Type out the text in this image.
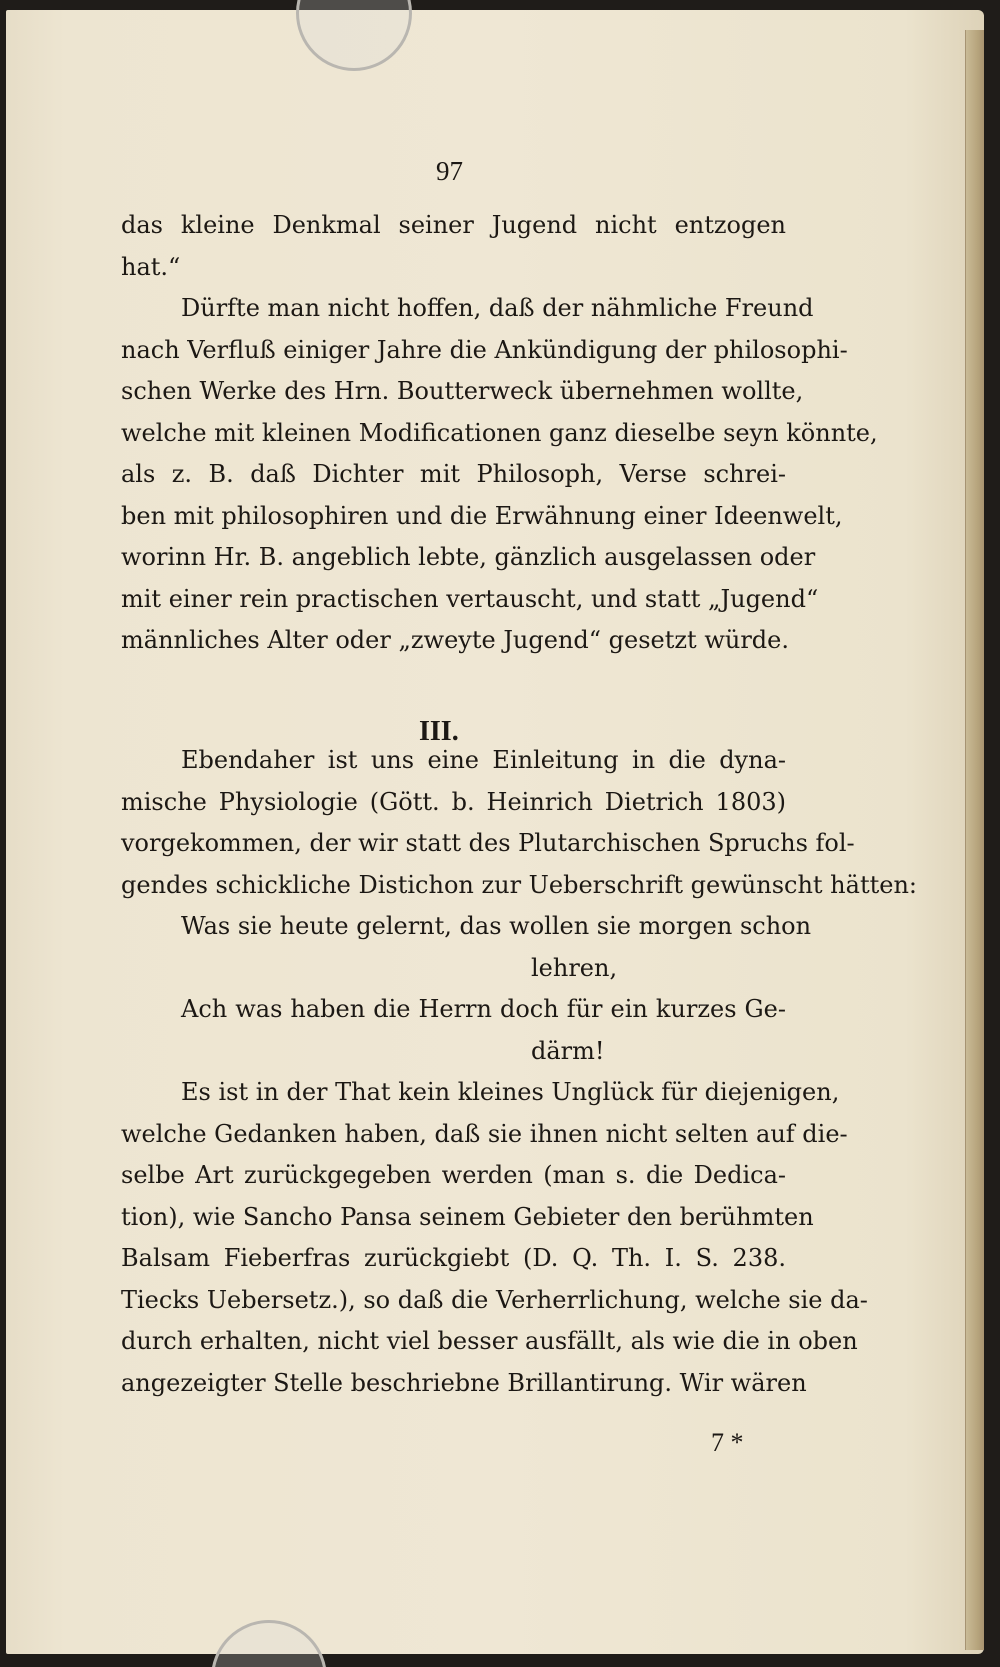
97
das kleine Denkmal seiner Jugend nicht entzogen
hat.“
Dürfte man nicht hoffen, daß der nähmliche Freund
nach Verfluß einiger Jahre die Ankündigung der philosophi‐
schen Werke des Hrn. Boutterweck übernehmen wollte,
welche mit kleinen Modificationen ganz dieselbe seyn könnte,
als z. B. daß Dichter mit Philosoph, Verse schrei‐
ben mit philosophiren und die Erwähnung einer Ideenwelt,
worinn Hr. B. angeblich lebte, gänzlich ausgelassen oder
mit einer rein practischen vertauscht, und statt „Jugend“
männliches Alter oder „zweyte Jugend“ gesetzt würde.
III.
Ebendaher ist uns eine Einleitung in die dyna‐
mische Physiologie (Gött. b. Heinrich Dietrich 1803)
vorgekommen, der wir statt des Plutarchischen Spruchs fol‐
gendes schickliche Distichon zur Ueberschrift gewünscht hätten:
Was sie heute gelernt, das wollen sie morgen schon
lehren,
Ach was haben die Herrn doch für ein kurzes Ge‐
därm!
Es ist in der That kein kleines Unglück für diejenigen,
welche Gedanken haben, daß sie ihnen nicht selten auf die‐
selbe Art zurückgegeben werden (man s. die Dedica‐
tion), wie Sancho Pansa seinem Gebieter den berühmten
Balsam Fieberfras zurückgiebt (D. Q. Th. I. S. 238.
Tiecks Uebersetz.), so daß die Verherrlichung, welche sie da‐
durch erhalten, nicht viel besser ausfällt, als wie die in oben
angezeigter Stelle beschriebne Brillantirung. Wir wären
7 *
